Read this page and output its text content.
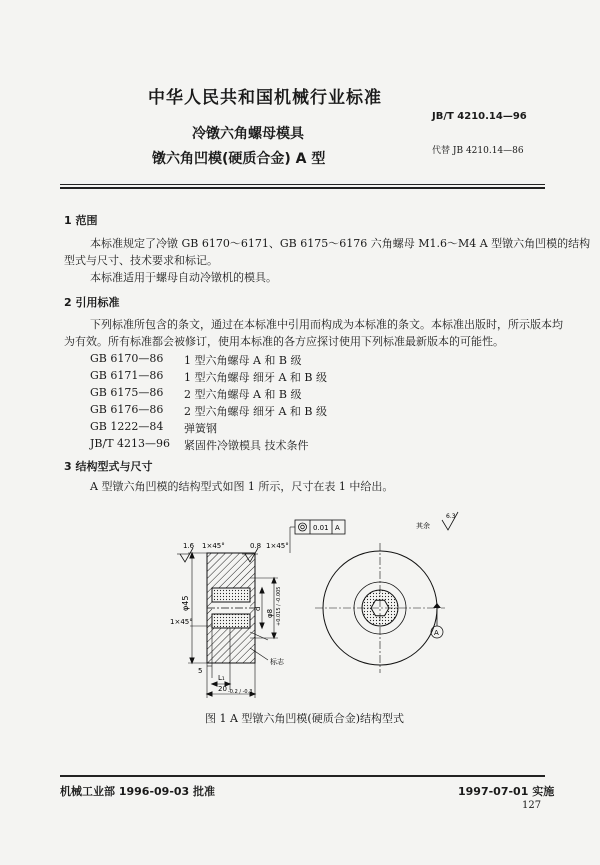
中华人民共和国机械行业标准
JB/T 4210.14—96
冷镦六角螺母模具
镦六角凹模(硬质合金) A 型	代替 JB 4210.14—86
1 范围
本标准规定了冷镦 GB 6170～6171、GB 6175～6176 六角螺母 M1.6～M4 A 型镦六角凹模的结构
型式与尺寸、技术要求和标记。
本标准适用于螺母自动冷镦机的模具。
2 引用标准
下列标准所包含的条文，通过在本标准中引用而构成为本标准的条文。本标准出版时，所示版本均
为有效。所有标准都会被修订，使用本标准的各方应探讨使用下列标准最新版本的可能性。
GB 6170—86 1 型六角螺母 A 和 B 级
GB 6171—86 1 型六角螺母 细牙 A 和 B 级
GB 6175—86 2 型六角螺母 A 和 B 级
GB 6176—86 2 型六角螺母 细牙 A 和 B 级
GB 1222—84 弹簧钢
JB/T 4213—96 紧固件冷镦模具 技术条件
3 结构型式与尺寸
A 型镦六角凹模的结构型式如图 1 所示，尺寸在表 1 中给出。
1.6 1×45°	0.8 1×45°
1×45°
φ45	d
φ8 +0.015 / -0.005
5
L₁
20 -0.2 / -0.3
标志
0.01 A
A
其余
6.3
图 1 A 型镦六角凹模(硬质合金)结构型式
机械工业部 1996-09-03 批准	1997-07-01 实施
127
